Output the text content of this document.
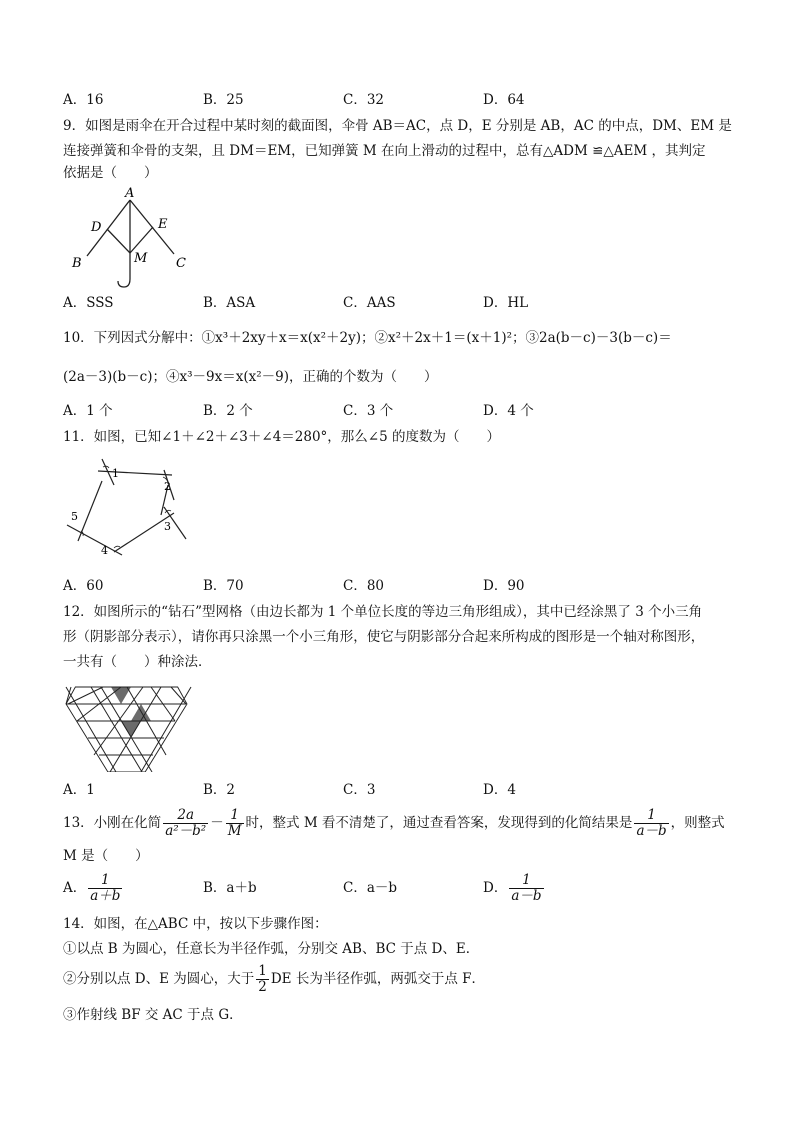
A．16	B．25	C．32	D．64
9．如图是雨伞在开合过程中某时刻的截面图，伞骨 AB＝AC，点 D，E 分别是 AB，AC 的中点，DM、EM 是
连接弹簧和伞骨的支架，且 DM＝EM，已知弹簧 M 在向上滑动的过程中，总有△ADM ≌△AEM ，其判定
依据是（　　）
A
D	E
B	M C
A．SSS	B．ASA	C．AAS	D．HL
10．下列因式分解中：①x³＋2xy＋x＝x(x²＋2y)；②x²＋2x＋1＝(x＋1)²；③2a(b－c)－3(b－c)＝
(2a－3)(b－c)；④x³－9x＝x(x²－9)，正确的个数为（　　）
A．1 个	B．2 个	C．3 个	D．4 个
11．如图，已知∠1＋∠2＋∠3＋∠4＝280°，那么∠5 的度数为（　　）
1
2
3
4
5
A．60	B．70	C．80	D．90
12．如图所示的“钻石”型网格（由边长都为 1 个单位长度的等边三角形组成），其中已经涂黑了 3 个小三角
形（阴影部分表示），请你再只涂黑一个小三角形，使它与阴影部分合起来所构成的图形是一个轴对称图形，
一共有（　　）种涂法．
A．1	B．2	C．3	D．4
13．小刚在化简 $\frac{2a}{\text{a²－b²}} - \frac{1}{M}$ 时，整式 M 看不清楚了，通过查看答案，发现得到的化简结果是 $\frac{1}{a-b}$ ，则整式
M 是（　　）
A． $\frac{1}{a+b}$	B．a＋b	C．a－b	D． $\frac{1}{a-b}$
14．如图，在△ABC 中，按以下步骤作图：
①以点 B 为圆心，任意长为半径作弧，分别交 AB、BC 于点 D、E．
②分别以点 D、E 为圆心，大于 $\frac{1}{2}$ DE 长为半径作弧，两弧交于点 F．
③作射线 BF 交 AC 于点 G．
